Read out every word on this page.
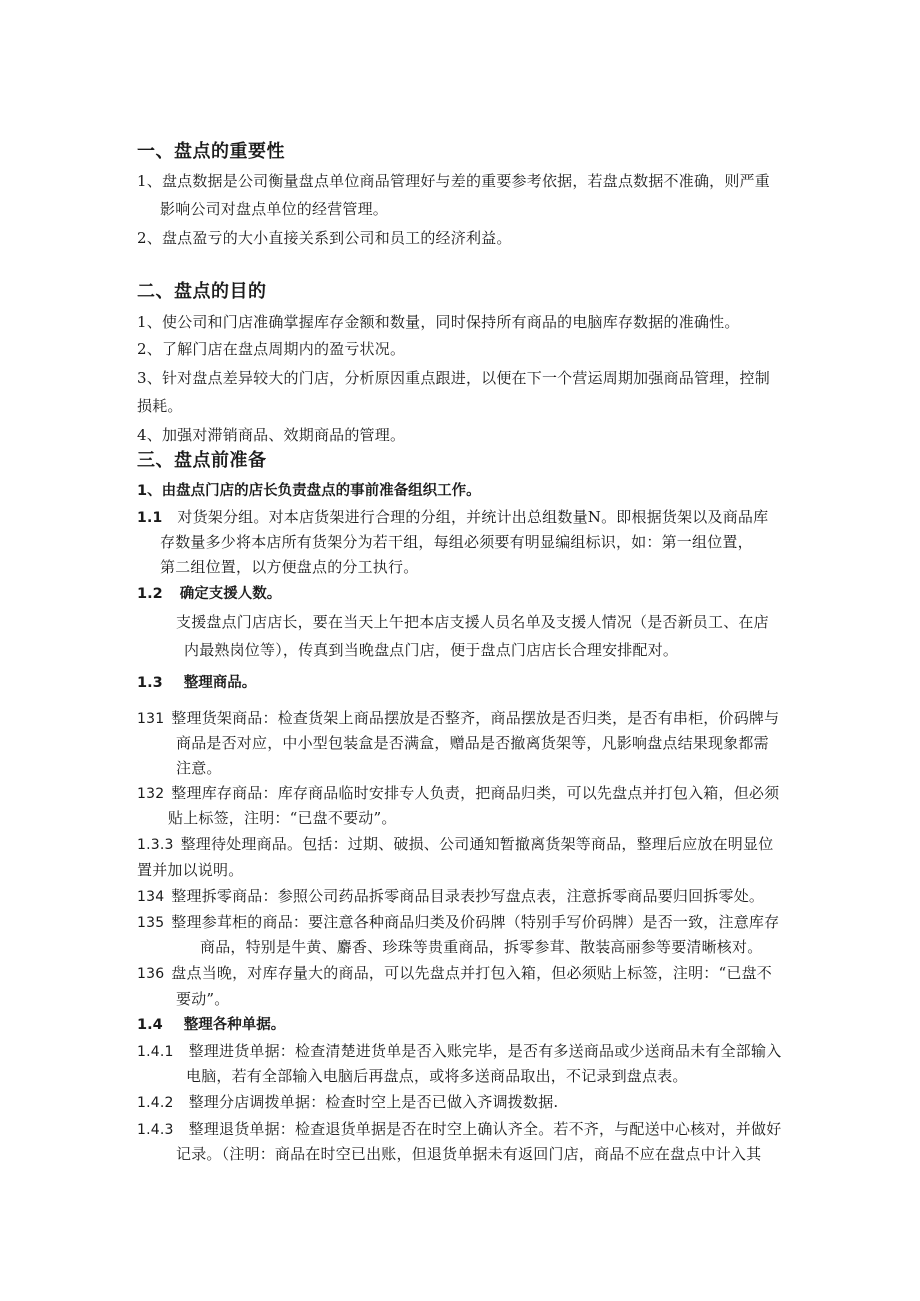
一、盘点的重要性
1、盘点数据是公司衡量盘点单位商品管理好与差的重要参考依据，若盘点数据不准确，则严重
影响公司对盘点单位的经营管理。
2、盘点盈亏的大小直接关系到公司和员工的经济利益。
二、盘点的目的
1、使公司和门店准确掌握库存金额和数量，同时保持所有商品的电脑库存数据的准确性。
2、了解门店在盘点周期内的盈亏状况。
3、针对盘点差异较大的门店，分析原因重点跟进，以便在下一个营运周期加强商品管理，控制
损耗。
4、加强对滞销商品、效期商品的管理。
三、盘点前准备
1、由盘点门店的店长负责盘点的事前准备组织工作。
1.1 对货架分组。对本店货架进行合理的分组，并统计出总组数量N。即根据货架以及商品库
存数量多少将本店所有货架分为若干组，每组必须要有明显编组标识，如：第一组位置，
第二组位置，以方便盘点的分工执行。
1.2 确定支援人数。
支援盘点门店店长，要在当天上午把本店支援人员名单及支援人情况（是否新员工、在店
内最熟岗位等），传真到当晚盘点门店，便于盘点门店店长合理安排配对。
1.3 整理商品。
131 整理货架商品：检查货架上商品摆放是否整齐，商品摆放是否归类，是否有串柜，价码牌与
商品是否对应，中小型包装盒是否满盒，赠品是否撤离货架等，凡影响盘点结果现象都需
注意。
132 整理库存商品：库存商品临时安排专人负责，把商品归类，可以先盘点并打包入箱，但必须
贴上标签，注明：“已盘不要动”。
1.3.3 整理待处理商品。包括：过期、破损、公司通知暂撤离货架等商品，整理后应放在明显位
置并加以说明。
134 整理拆零商品：参照公司药品拆零商品目录表抄写盘点表，注意拆零商品要归回拆零处。
135 整理参茸柜的商品：要注意各种商品归类及价码牌（特别手写价码牌）是否一致，注意库存
商品，特别是牛黄、麝香、珍珠等贵重商品，拆零参茸、散装高丽参等要清晰核对。
136 盘点当晚，对库存量大的商品，可以先盘点并打包入箱，但必须贴上标签，注明：“已盘不
要动”。
1.4 整理各种单据。
1.4.1 整理进货单据：检查清楚进货单是否入账完毕，是否有多送商品或少送商品未有全部输入
电脑，若有全部输入电脑后再盘点，或将多送商品取出，不记录到盘点表。
1.4.2 整理分店调拨单据：检查时空上是否已做入齐调拨数据.
1.4.3 整理退货单据：检查退货单据是否在时空上确认齐全。若不齐，与配送中心核对，并做好
记录。（注明：商品在时空已出账，但退货单据未有返回门店，商品不应在盘点中计入其
